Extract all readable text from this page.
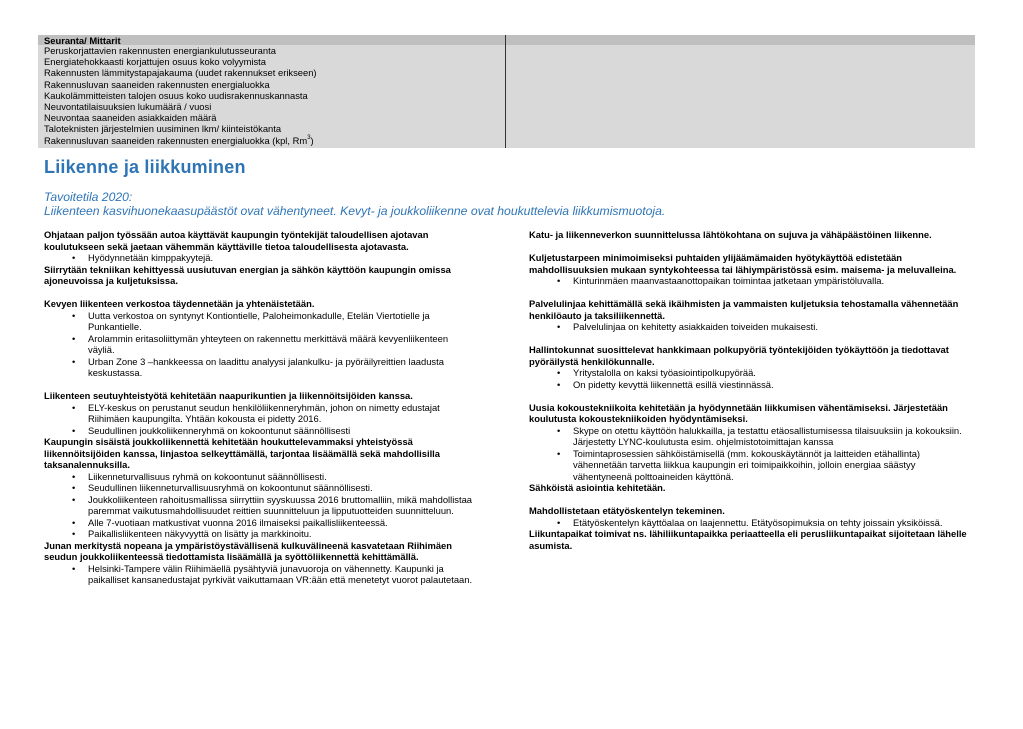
Seuranta/ Mittarit
Peruskorjattavien rakennusten energiankulutusseuranta
Energiatehokkaasti korjattujen osuus koko volyymista
Rakennusten lämmitystapajakauma (uudet rakennukset erikseen)
Rakennusluvan saaneiden rakennusten energialuokka
Kaukolämmitteisten talojen osuus koko uudisrakennuskannasta
Neuvontatilaisuuksien lukumäärä / vuosi
Neuvontaa saaneiden asiakkaiden määrä
Taloteknisten järjestelmien uusiminen lkm/ kiinteistökanta
Rakennusluvan saaneiden rakennusten energialuokka (kpl, Rm$^3$)
Liikenne ja liikkuminen
Tavoitetila 2020:
Liikenteen kasvihuonekaasupäästöt ovat vähentyneet. Kevyt- ja joukkoliikenne ovat houkuttelevia liikkumismuotoja.
Ohjataan paljon työssään autoa käyttävät kaupungin työntekijät taloudellisen ajotavan koulutukseen sekä jaetaan vähemmän käyttäville tietoa taloudellisesta ajotavasta.
• Hyödynnetään kimppakyytejä.
Siirrytään tekniikan kehittyessä uusiutuvan energian ja sähkön käyttöön kaupungin omissa ajoneuvoissa ja kuljetuksissa.
Kevyen liikenteen verkostoa täydennetään ja yhtenäistetään.
• Uutta verkostoa on syntynyt Kontiontielle, Paloheimonkadulle, Etelän Viertotielle ja Punkantielle.
• Arolammin eritasoliittymän yhteyteen on rakennettu merkittävä määrä kevyenliikenteen väyliä.
• Urban Zone 3 –hankkeessa on laadittu analyysi jalankulku- ja pyöräilyreittien laadusta keskustassa.
Liikenteen seutuyhteistyötä kehitetään naapurikuntien ja liikennöitsijöiden kanssa.
• ELY-keskus on perustanut seudun henkilöliikenneryhmän, johon on nimetty edustajat Riihimäen kaupungilta. Yhtään kokousta ei pidetty 2016.
• Seudullinen joukkoliikenneryhmä on kokoontunut säännöllisesti
Kaupungin sisäistä joukkoliikennettä kehitetään houkuttelevammaksi yhteistyössä liikennöitsijöiden kanssa, linjastoa selkeyttämällä, tarjontaa lisäämällä sekä mahdollisilla taksanalennuksilla.
• Liikenneturvallisuus ryhmä on kokoontunut säännöllisesti.
• Seudullinen liikenneturvallisuusryhmä on kokoontunut säännöllisesti.
• Joukkoliikenteen rahoitusmallissa siirryttiin syyskuussa 2016 bruttomalliin, mikä mahdollistaa paremmat vaikutusmahdollisuudet reittien suunnitteluun ja lipputuotteiden suunnitteluun.
• Alle 7-vuotiaan matkustivat vuonna 2016 ilmaiseksi paikallisliikenteessä.
• Paikallisliikenteen näkyvyyttä on lisätty ja markkinoitu.
Junan merkitystä nopeana ja ympäristöystävällisenä kulkuvälineenä kasvatetaan Riihimäen seudun joukkoliikenteessä tiedottamista lisäämällä ja syöttöliikennettä kehittämällä.
• Helsinki-Tampere välin Riihimäellä pysähtyviä junavuoroja on vähennetty. Kaupunki ja paikalliset kansanedustajat pyrkivät vaikuttamaan VR:ään että menetetyt vuorot palautetaan.
Katu- ja liikenneverkon suunnittelussa lähtökohtana on sujuva ja vähäpäästöinen liikenne.
Kuljetustarpeen minimoimiseksi puhtaiden ylijäämämaiden hyötykäyttöä edistetään mahdollisuuksien mukaan syntykohteessa tai lähiympäristössä esim. maisema- ja meluvalleina.
• Kinturinmäen maanvastaanottopaikan toimintaa jatketaan ympäristöluvalla.
Palvelulinjaa kehittämällä sekä ikäihmisten ja vammaisten kuljetuksia tehostamalla vähennetään henkilöauto ja taksiliikennettä.
• Palvelulinjaa on kehitetty asiakkaiden toiveiden mukaisesti.
Hallintokunnat suosittelevat hankkimaan polkupyöriä työntekijöiden työkäyttöön ja tiedottavat pyöräilystä henkilökunnalle.
• Yritystalolla on kaksi työasiointipolkupyörää.
• On pidetty kevyttä liikennettä esillä viestinnässä.
Uusia kokoustekniikoita kehitetään ja hyödynnetään liikkumisen vähentämiseksi. Järjestetään koulutusta kokoustekniikoiden hyödyntämiseksi.
• Skype on otettu käyttöön halukkailla, ja testattu etäosallistumisessa tilaisuuksiin ja kokouksiin. Järjestetty LYNC-koulutusta esim. ohjelmistotoimittajan kanssa
• Toimintaprosessien sähköistämisellä (mm. kokouskäytännöt ja laitteiden etähallinta) vähennetään tarvetta liikkua kaupungin eri toimipaikkoihin, jolloin energiaa säästyy vähentyneenä polttoaineiden käyttönä.
Sähköistä asiointia kehitetään.
Mahdollistetaan etätyöskentelyn tekeminen.
• Etätyöskentelyn käyttöalaa on laajennettu. Etätyösopimuksia on tehty joissain yksiköissä.
Liikuntapaikat toimivat ns. lähiliikuntapaikka periaatteella eli perusliikuntapaikat sijoitetaan lähelle asumista.
